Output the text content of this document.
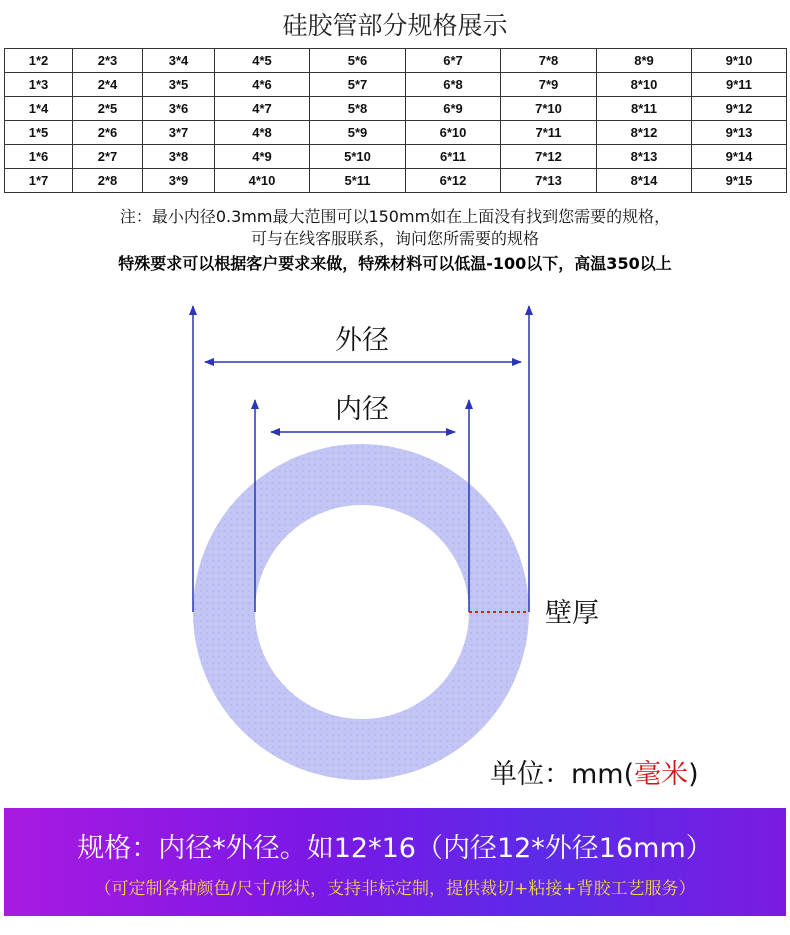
硅胶管部分规格展示
1*2	2*3	3*4	4*5	5*6	6*7	7*8	8*9	9*10
1*3	2*4	3*5	4*6	5*7	6*8	7*9	8*10	9*11
1*4	2*5	3*6	4*7	5*8	6*9	7*10	8*11	9*12
1*5	2*6	3*7	4*8	5*9	6*10	7*11	8*12	9*13
1*6	2*7	3*8	4*9	5*10	6*11	7*12	8*13	9*14
1*7	2*8	3*9	4*10	5*11	6*12	7*13	8*14	9*15
注：最小内径0.3mm最大范围可以150mm如在上面没有找到您需要的规格，
可与在线客服联系，询问您所需要的规格
特殊要求可以根据客户要求来做，特殊材料可以低温-100以下，高温350以上
外径
内径
壁厚
单位：mm(毫米)
规格：内径*外径。如12*16（内径12*外径16mm）
（可定制各种颜色/尺寸/形状，支持非标定制，提供裁切+粘接+背胶工艺服务）
